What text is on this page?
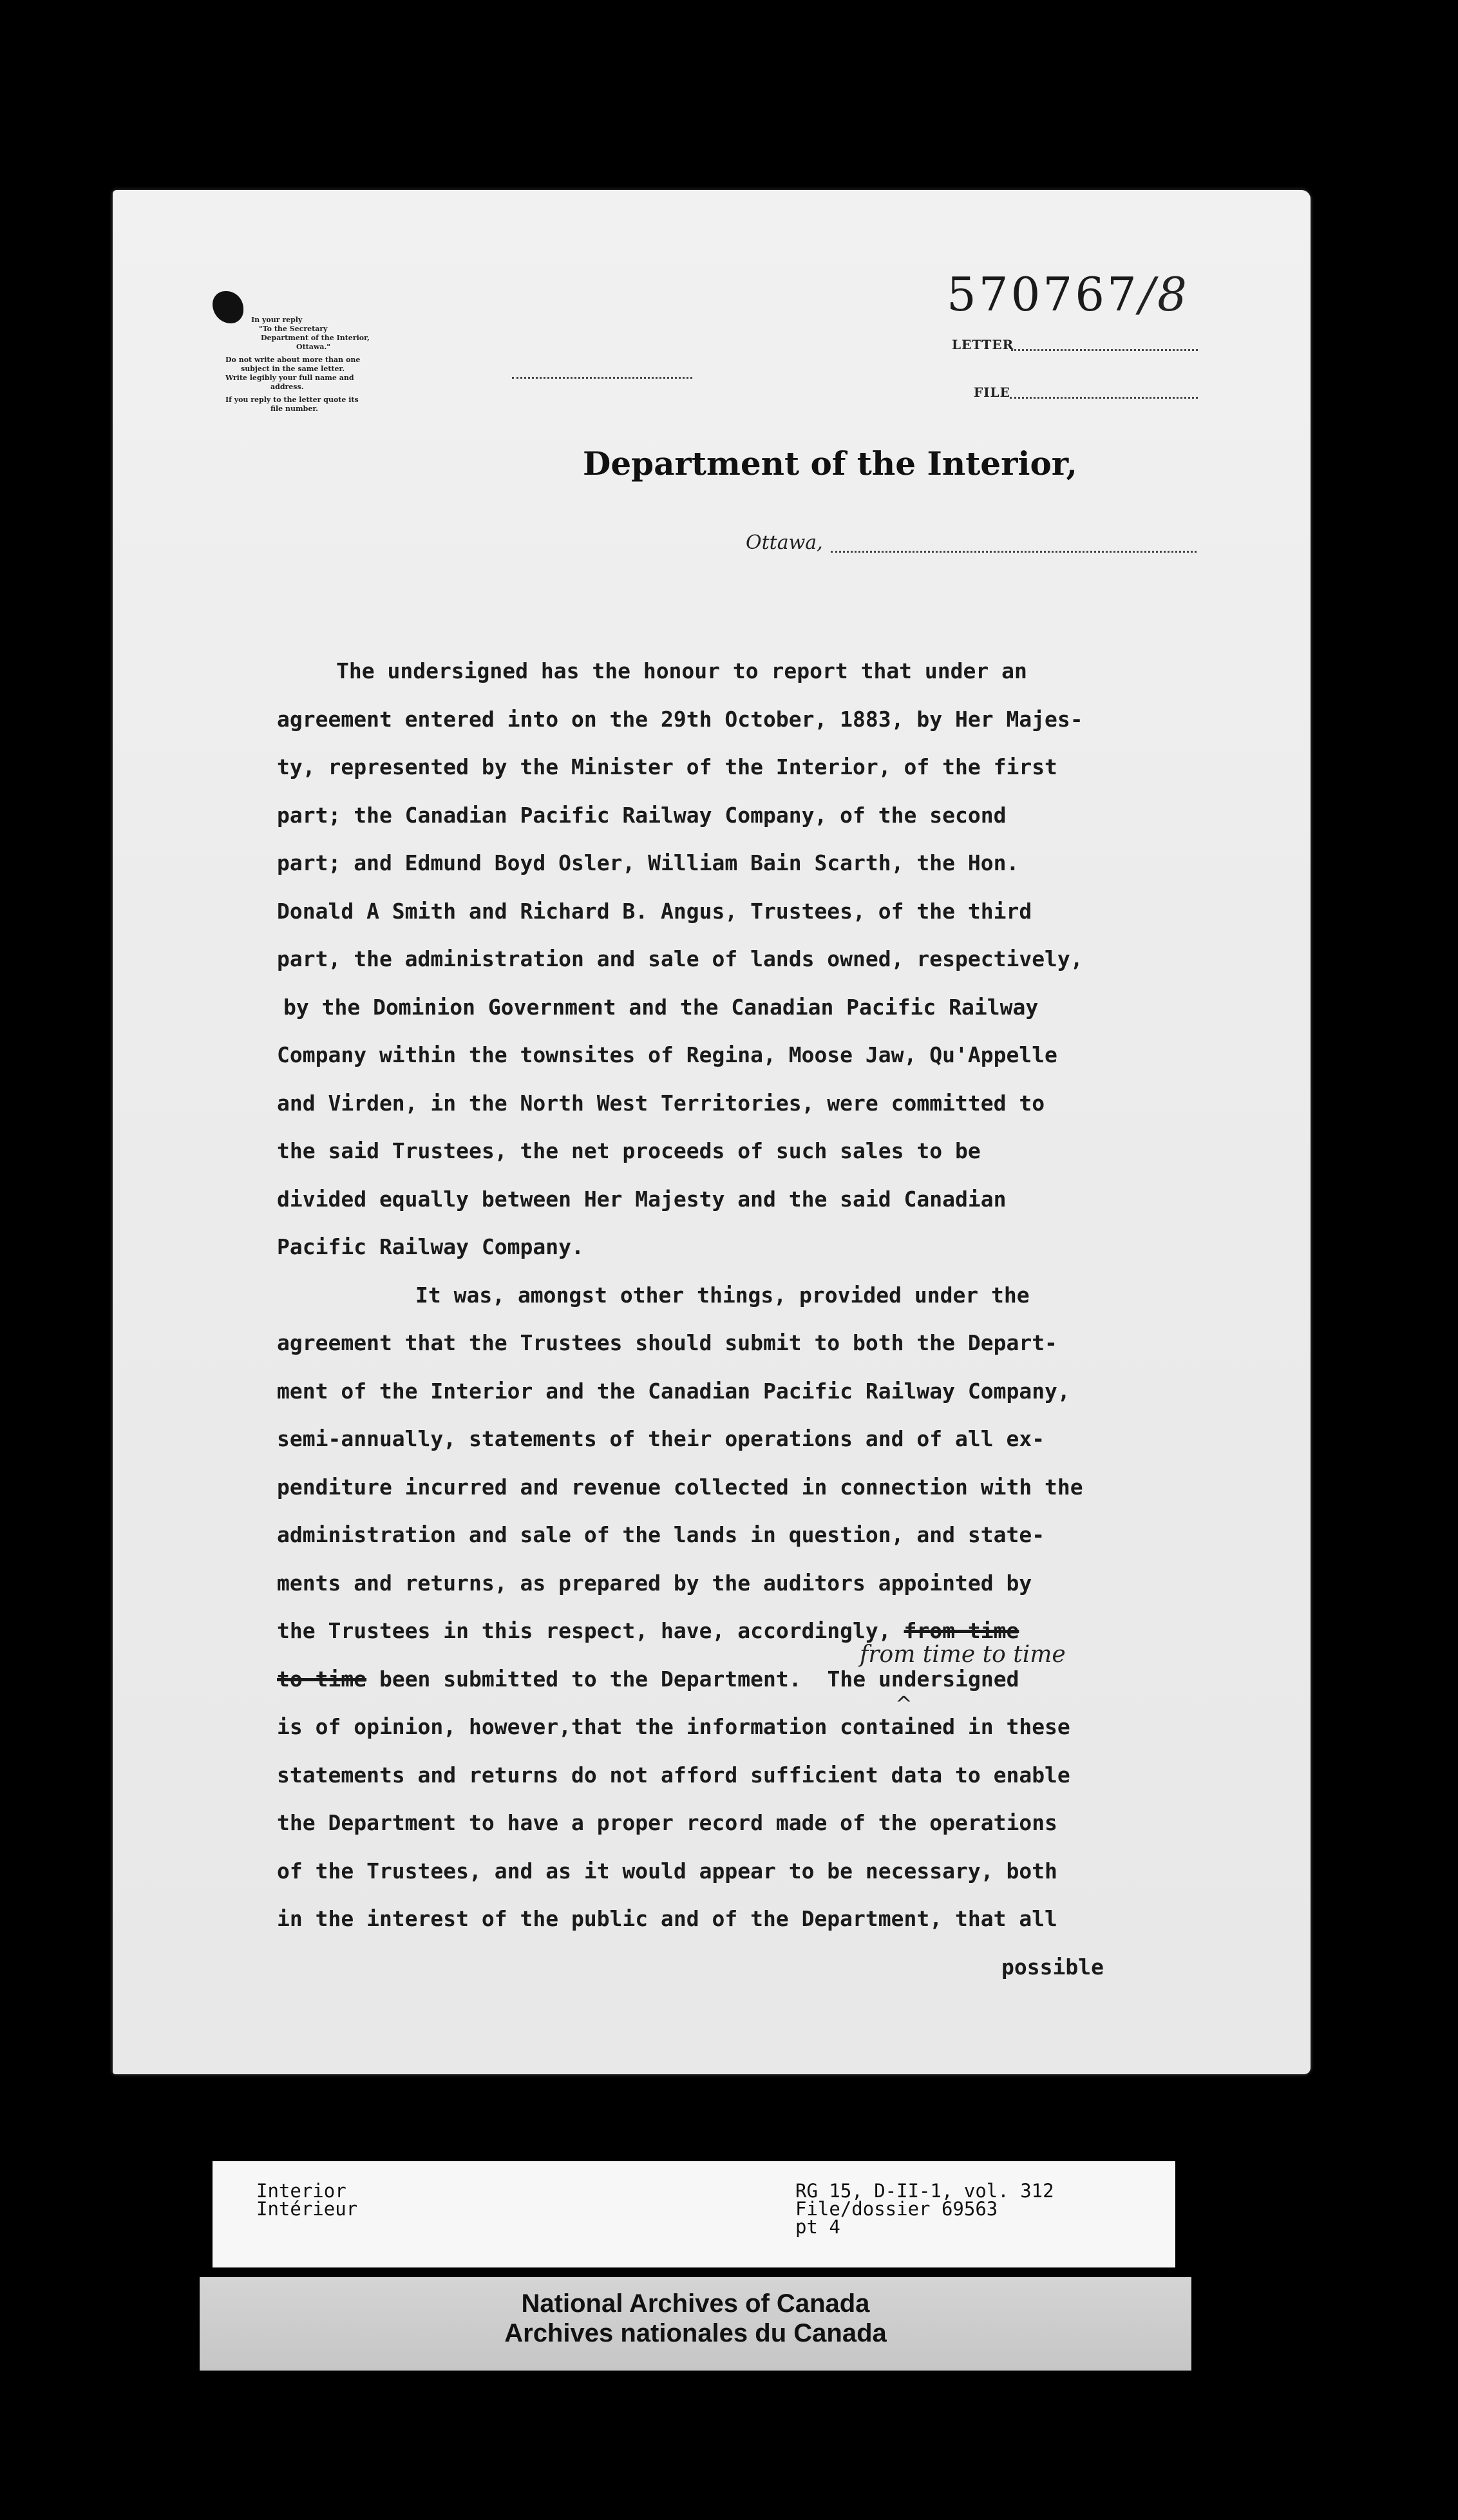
In your reply
"To the Secretary
Department of the Interior,
Ottawa."
Do not write about more than one
subject in the same letter.
Write legibly your full name and
address.
If you reply to the letter quote its
file number.
570767/8
LETTER
FILE
Department of the Interior,
Ottawa,
The undersigned has the honour to report that under an
agreement entered into on the 29th October, 1883, by Her Majes-
ty, represented by the Minister of the Interior, of the first
part; the Canadian Pacific Railway Company, of the second
part; and Edmund Boyd Osler, William Bain Scarth, the Hon.
Donald A Smith and Richard B. Angus, Trustees, of the third
part, the administration and sale of lands owned, respectively,
by the Dominion Government and the Canadian Pacific Railway
Company within the townsites of Regina, Moose Jaw, Qu'Appelle
and Virden, in the North West Territories, were committed to
the said Trustees, the net proceeds of such sales to be
divided equally between Her Majesty and the said Canadian
Pacific Railway Company.
It was, amongst other things, provided under the
agreement that the Trustees should submit to both the Depart-
ment of the Interior and the Canadian Pacific Railway Company,
semi-annually, statements of their operations and of all ex-
penditure incurred and revenue collected in connection with the
administration and sale of the lands in question, and state-
ments and returns, as prepared by the auditors appointed by
the Trustees in this respect, have, accordingly, from time
to time been submitted to the Department. The undersigned
from time to time
^
is of opinion, however,that the information contained in these
statements and returns do not afford sufficient data to enable
the Department to have a proper record made of the operations
of the Trustees, and as it would appear to be necessary, both
in the interest of the public and of the Department, that all
possible
Interior
Intérieur
RG 15, D-II-1, vol. 312
File/dossier 69563
pt 4
National Archives of Canada
Archives nationales du Canada
